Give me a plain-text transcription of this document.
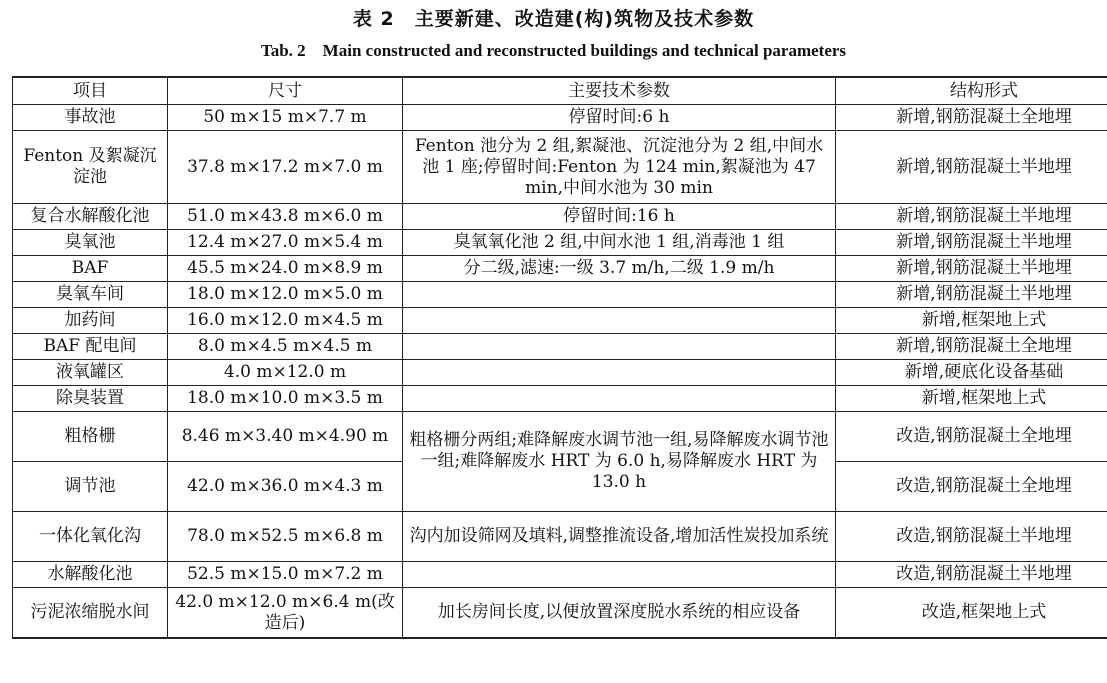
表 2　主要新建、改造建(构)筑物及技术参数
Tab. 2　Main constructed and reconstructed buildings and technical parameters
项目	尺寸	主要技术参数	结构形式
事故池	50 m×15 m×7.7 m	停留时间:6 h	新增,钢筋混凝土全地埋
Fenton 及絮凝沉淀池	37.8 m×17.2 m×7.0 m	Fenton 池分为 2 组,絮凝池、沉淀池分为 2 组,中间水池 1 座;停留时间:Fenton 为 124 min,絮凝池为 47 min,中间水池为 30 min	新增,钢筋混凝土半地埋
复合水解酸化池	51.0 m×43.8 m×6.0 m	停留时间:16 h	新增,钢筋混凝土半地埋
臭氧池	12.4 m×27.0 m×5.4 m	臭氧氧化池 2 组,中间水池 1 组,消毒池 1 组	新增,钢筋混凝土半地埋
BAF	45.5 m×24.0 m×8.9 m	分二级,滤速:一级 3.7 m/h,二级 1.9 m/h	新增,钢筋混凝土半地埋
臭氧车间	18.0 m×12.0 m×5.0 m		新增,钢筋混凝土半地埋
加药间	16.0 m×12.0 m×4.5 m		新增,框架地上式
BAF 配电间	8.0 m×4.5 m×4.5 m		新增,钢筋混凝土全地埋
液氧罐区	4.0 m×12.0 m		新增,硬底化设备基础
除臭装置	18.0 m×10.0 m×3.5 m		新增,框架地上式
粗格栅	8.46 m×3.40 m×4.90 m	粗格栅分两组;难降解废水调节池一组,易降解废水调节池一组;难降解废水 HRT 为 6.0 h,易降解废水 HRT 为 13.0 h	改造,钢筋混凝土全地埋
调节池	42.0 m×36.0 m×4.3 m		改造,钢筋混凝土全地埋
一体化氧化沟	78.0 m×52.5 m×6.8 m	沟内加设筛网及填料,调整推流设备,增加活性炭投加系统	改造,钢筋混凝土半地埋
水解酸化池	52.5 m×15.0 m×7.2 m		改造,钢筋混凝土半地埋
污泥浓缩脱水间	42.0 m×12.0 m×6.4 m(改造后)	加长房间长度,以便放置深度脱水系统的相应设备	改造,框架地上式
